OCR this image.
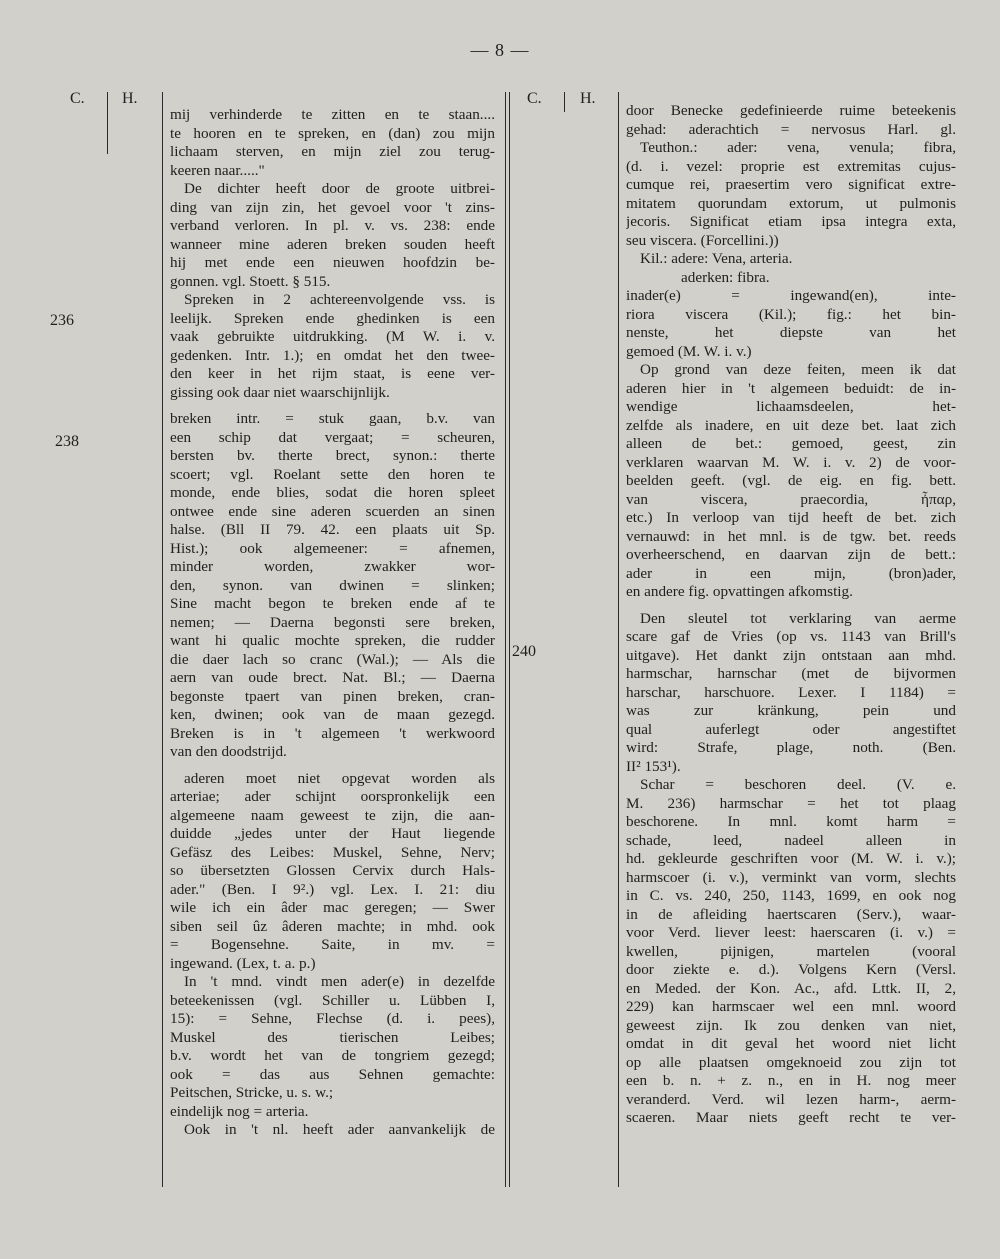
— 8 —
C. H.	C. H.
236
238
240
mij verhinderde te zitten en te staan....
te hooren en te spreken, en (dan) zou mijn
lichaam sterven, en mijn ziel zou terug-
keeren naar....."
De dichter heeft door de groote uitbrei-
ding van zijn zin, het gevoel voor 't zins-
verband verloren. In pl. v. vs. 238: ende
wanneer mine aderen breken souden heeft
hij met ende een nieuwen hoofdzin be-
gonnen. vgl. Stoett. § 515.
Spreken in 2 achtereenvolgende vss. is
leelijk. Spreken ende ghedinken is een
vaak gebruikte uitdrukking. (M W. i. v.
gedenken. Intr. 1.); en omdat het den twee-
den keer in het rijm staat, is eene ver-
gissing ook daar niet waarschijnlijk.
breken intr. = stuk gaan, b.v. van
een schip dat vergaat; = scheuren,
bersten bv. therte brect, synon.: therte
scoert; vgl. Roelant sette den horen te
monde, ende blies, sodat die horen spleet
ontwee ende sine aderen scuerden an sinen
halse. (Bll II 79. 42. een plaats uit Sp.
Hist.); ook algemeener: = afnemen,
minder worden, zwakker wor-
den, synon. van dwinen = slinken;
Sine macht begon te breken ende af te
nemen; — Daerna begonsti sere breken,
want hi qualic mochte spreken, die rudder
die daer lach so cranc (Wal.); — Als die
aern van oude brect. Nat. Bl.; — Daerna
begonste tpaert van pinen breken, cran-
ken, dwinen; ook van de maan gezegd.
Breken is in 't algemeen 't werkwoord
van den doodstrijd.
aderen moet niet opgevat worden als
arteriae; ader schijnt oorspronkelijk een
algemeene naam geweest te zijn, die aan-
duidde „jedes unter der Haut liegende
Gefäsz des Leibes: Muskel, Sehne, Nerv;
so übersetzten Glossen Cervix durch Hals-
ader." (Ben. I 9².) vgl. Lex. I. 21: diu
wile ich ein âder mac geregen; — Swer
siben seil ûz âderen machte; in mhd. ook
= Bogensehne. Saite, in mv. =
ingewand. (Lex, t. a. p.)
In 't mnd. vindt men ader(e) in dezelfde
beteekenissen (vgl. Schiller u. Lübben I,
15): = Sehne, Flechse (d. i. pees),
Muskel des tierischen Leibes;
b.v. wordt het van de tongriem gezegd;
ook = das aus Sehnen gemachte:
Peitschen, Stricke, u. s. w.;
eindelijk nog = arteria.
Ook in 't nl. heeft ader aanvankelijk de
door Benecke gedefinieerde ruime beteekenis
gehad: aderachtich = nervosus Harl. gl.
Teuthon.: ader: vena, venula; fibra,
(d. i. vezel: proprie est extremitas cujus-
cumque rei, praesertim vero significat extre-
mitatem quorundam extorum, ut pulmonis
jecoris. Significat etiam ipsa integra exta,
seu viscera. (Forcellini.))
Kil.: adere: Vena, arteria.
aderken: fibra.
inader(e) = ingewand(en), inte-
riora viscera (Kil.); fig.: het bin-
nenste, het diepste van het
gemoed (M. W. i. v.)
Op grond van deze feiten, meen ik dat
aderen hier in 't algemeen beduidt: de in-
wendige lichaamsdeelen, het-
zelfde als inadere, en uit deze bet. laat zich
alleen de bet.: gemoed, geest, zin
verklaren waarvan M. W. i. v. 2) de voor-
beelden geeft. (vgl. de eig. en fig. bett.
van viscera, praecordia, ἦπαρ,
etc.) In verloop van tijd heeft de bet. zich
vernauwd: in het mnl. is de tgw. bet. reeds
overheerschend, en daarvan zijn de bett.:
ader in een mijn, (bron)ader,
en andere fig. opvattingen afkomstig.
Den sleutel tot verklaring van aerme
scare gaf de Vries (op vs. 1143 van Brill's
uitgave). Het dankt zijn ontstaan aan mhd.
harmschar, harnschar (met de bijvormen
harschar, harschuore. Lexer. I 1184) =
was zur kränkung, pein und
qual auferlegt oder angestiftet
wird: Strafe, plage, noth. (Ben.
II² 153¹).
Schar = beschoren deel. (V. e.
M. 236) harmschar = het tot plaag
beschorene. In mnl. komt harm =
schade, leed, nadeel alleen in
hd. gekleurde geschriften voor (M. W. i. v.);
harmscoer (i. v.), verminkt van vorm, slechts
in C. vs. 240, 250, 1143, 1699, en ook nog
in de afleiding haertscaren (Serv.), waar-
voor Verd. liever leest: haerscaren (i. v.) =
kwellen, pijnigen, martelen (vooral
door ziekte e. d.). Volgens Kern (Versl.
en Meded. der Kon. Ac., afd. Lttk. II, 2,
229) kan harmscaer wel een mnl. woord
geweest zijn. Ik zou denken van niet,
omdat in dit geval het woord niet licht
op alle plaatsen omgeknoeid zou zijn tot
een b. n. + z. n., en in H. nog meer
veranderd. Verd. wil lezen harm-, aerm-
scaeren. Maar niets geeft recht te ver-
